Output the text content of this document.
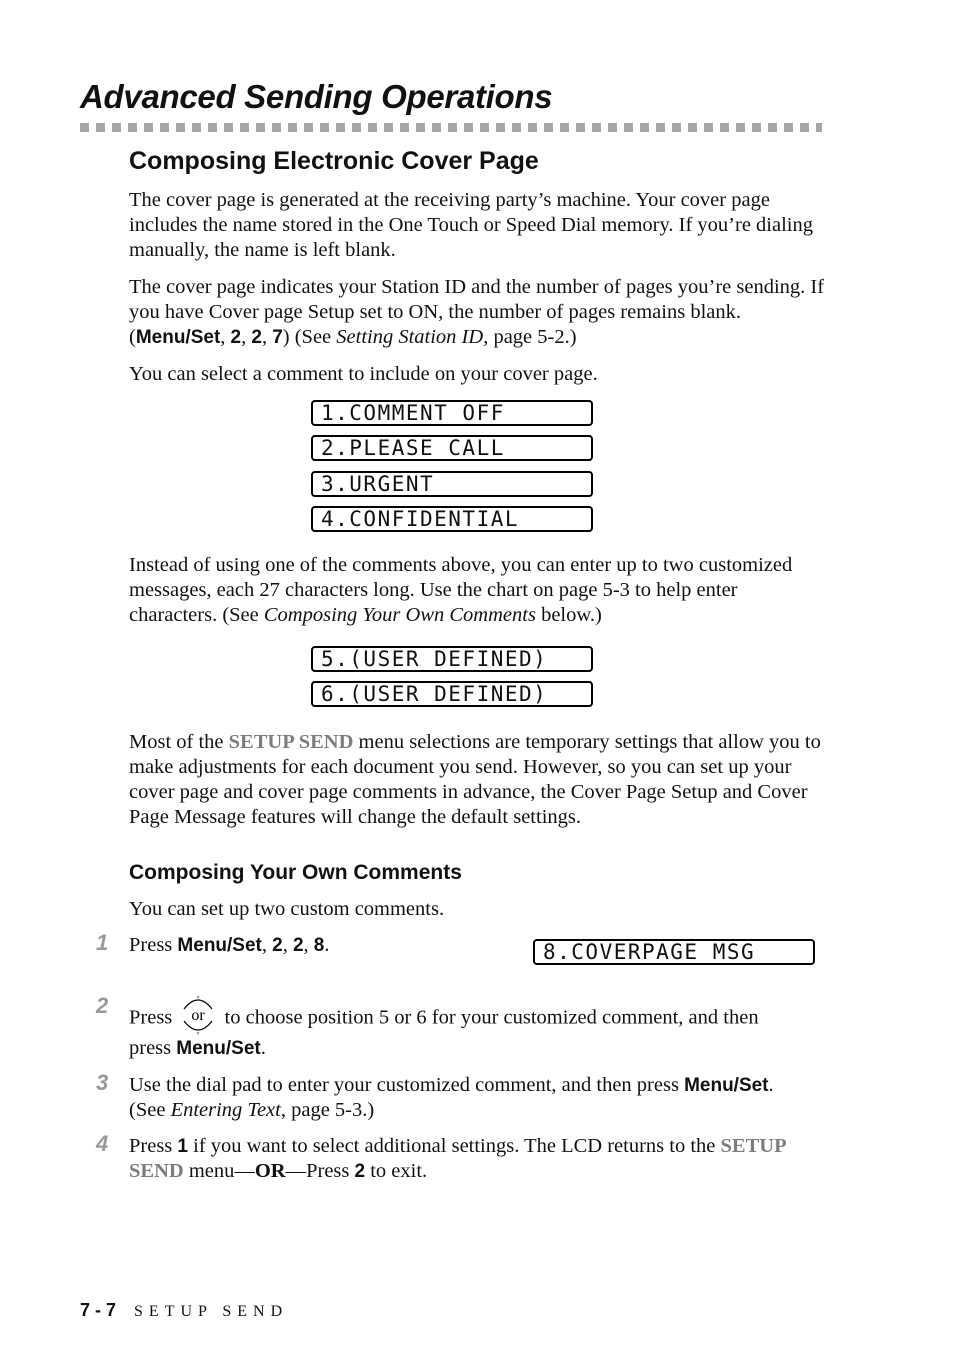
Advanced Sending Operations
Composing Electronic Cover Page

The cover page is generated at the receiving party’s machine. Your cover page includes the name stored in the One Touch or Speed Dial memory. If you’re dialing manually, the name is left blank.

The cover page indicates your Station ID and the number of pages you’re sending. If you have Cover page Setup set to ON, the number of pages remains blank. (Menu/Set, 2, 2, 7) (See Setting Station ID, page 5-2.)

You can select a comment to include on your cover page.

1.COMMENT OFF
2.PLEASE CALL
3.URGENT
4.CONFIDENTIAL

Instead of using one of the comments above, you can enter up to two customized messages, each 27 characters long. Use the chart on page 5-3 to help enter characters. (See Composing Your Own Comments below.)

5.(USER DEFINED)
6.(USER DEFINED)

Most of the SETUP SEND menu selections are temporary settings that allow you to make adjustments for each document you send. However, so you can set up your cover page and cover page comments in advance, the Cover Page Setup and Cover Page Message features will change the default settings.

Composing Your Own Comments

You can set up two custom comments.

1 Press Menu/Set, 2, 2, 8.	8.COVERPAGE MSG
2 Press or to choose position 5 or 6 for your customized comment, and then

press Menu/Set.

3 Use the dial pad to enter your customized comment, and then press Menu/Set.
(See Entering Text, page 5-3.)

4 Press 1 if you want to select additional settings. The LCD returns to the SETUP SEND menu—OR—Press 2 to exit.

7 - 7 SETUP SEND
